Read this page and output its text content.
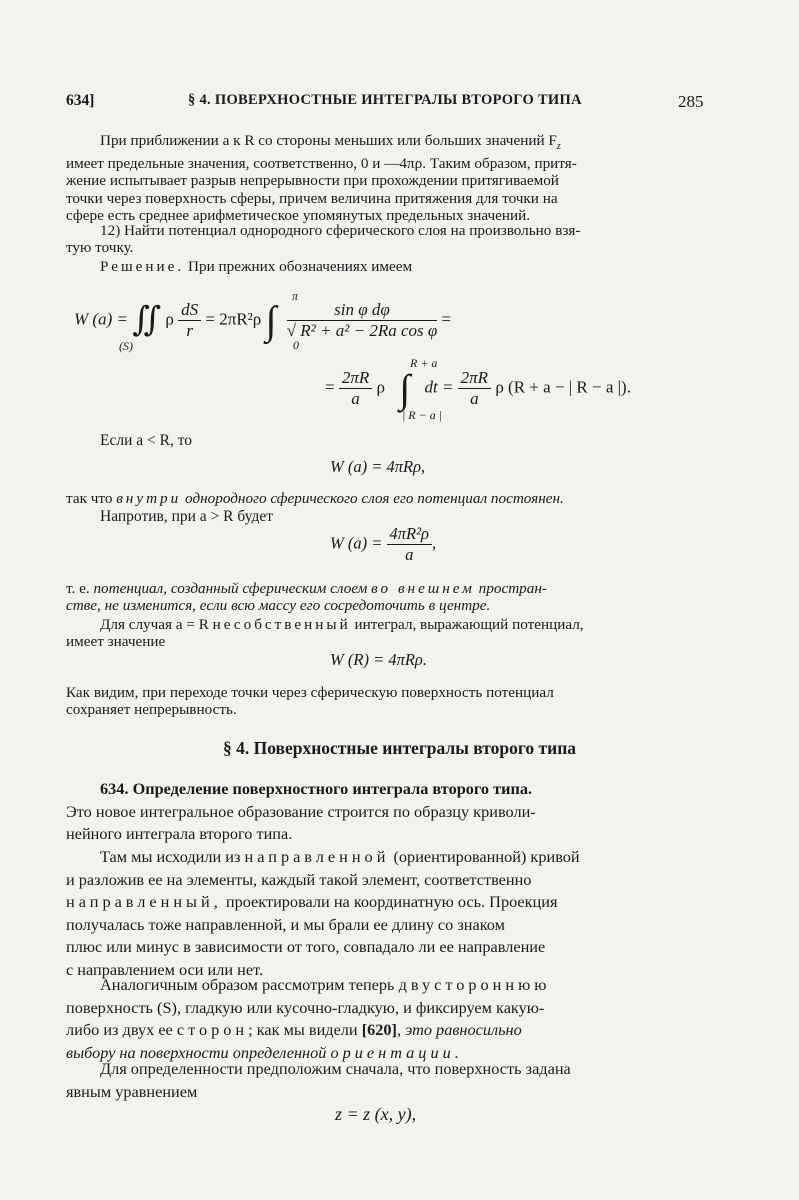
634]	§ 4. ПОВЕРХНОСТНЫЕ ИНТЕГРАЛЫ ВТОРОГО ТИПА	285
При приближении a к R со стороны меньших или больших значений $F_z$
имеет предельные значения, соответственно, 0 и —4πρ. Таким образом, притя-
жение испытывает разрыв непрерывности при прохождении притягиваемой
точки через поверхность сферы, причем величина притяжения для точки на
сфере есть среднее арифметическое упомянутых предельных значений.
12) Найти потенциал однородного сферического слоя на произвольно взя-
тую точку.
Решение. При прежних обозначениях имеем
W (a) = ∬ ρ $\frac{dS}{r} = 2\pi R^2\rho$ ∫ $\frac{\text{sin φ dφ}}{\text{√ R² + a² − 2Ra cos φ}}$ =
(S)
π
0
= $\frac{2\pi R}{a}$ ρ ∫ dt = $\frac{2\pi R}{a}$ ρ (R + a − | R − a |).
R + a
| R − a |
Если a < R, то
W (a) = 4πRρ,
так что внутри однородного сферического слоя его потенциал постоянен.
Напротив, при a > R будет
W $(a) = \frac{\text{4πR²ρ}}{a}$ ,
т. е. потенциал, созданный сферическим слоем во внешнем простран-
стве, не изменится, если всю массу его сосредоточить в центре.
Для случая a = R несобственный интеграл, выражающий потенциал,
имеет значение
W (R) = 4πRρ.
Как видим, при переходе точки через сферическую поверхность потенциал
сохраняет непрерывность.
§ 4. Поверхностные интегралы второго типа
634. Определение поверхностного интеграла второго типа.
Это новое интегральное образование строится по образцу криволи-
нейного интеграла второго типа.
Там мы исходили из направленной (ориентированной) кривой
и разложив ее на элементы, каждый такой элемент, соответственно
направленный, проектировали на координатную ось. Проекция
получалась тоже направленной, и мы брали ее длину со знаком
плюс или минус в зависимости от того, совпадало ли ее направление
с направлением оси или нет.
Аналогичным образом рассмотрим теперь двустороннюю
поверхность (S), гладкую или кусочно-гладкую, и фиксируем какую-
либо из двух ее сторон; как мы видели [620], это равносильно
выбору на поверхности определенной ориентации.
Для определенности предположим сначала, что поверхность задана
явным уравнением
z = z (x, y),
